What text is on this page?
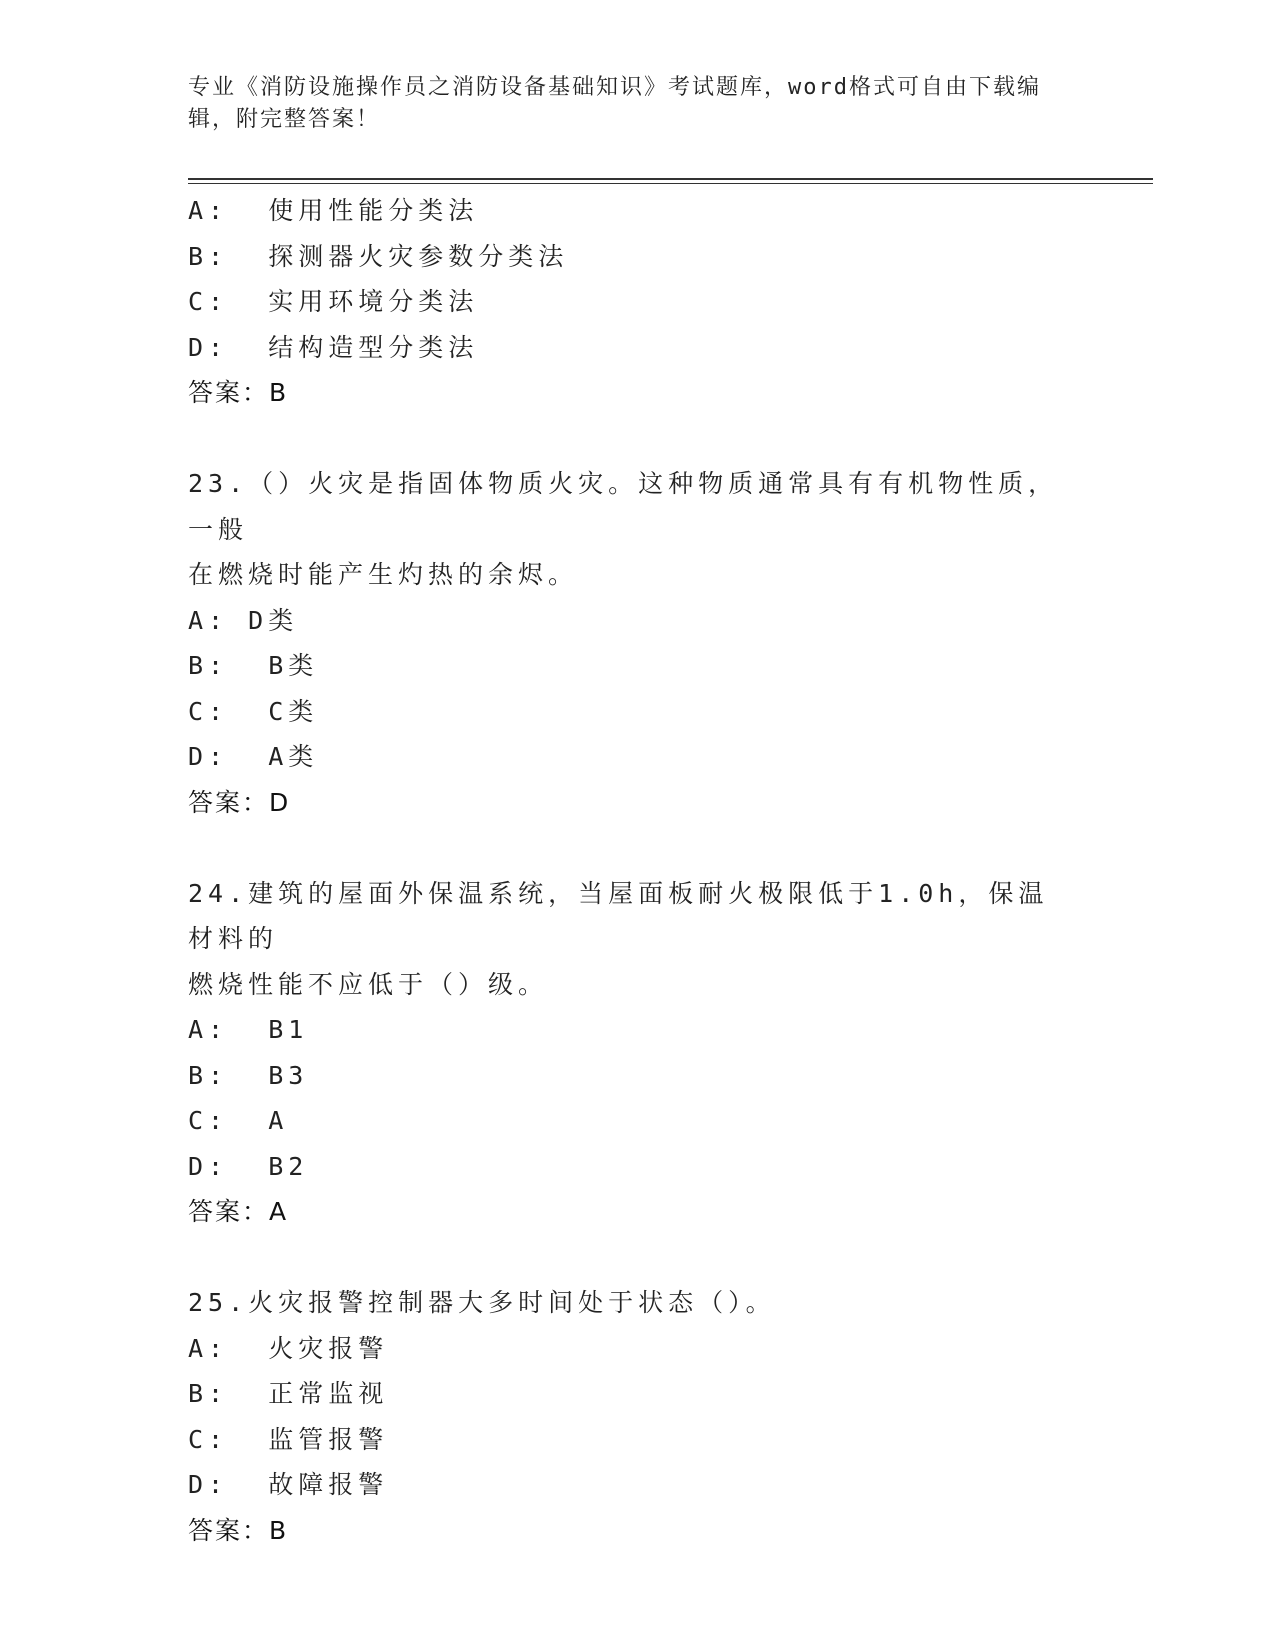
专业《消防设施操作员之消防设备基础知识》考试题库，word格式可自由下载编
辑，附完整答案！
A:  使用性能分类法
B:  探测器火灾参数分类法
C:  实用环境分类法
D:  结构造型分类法
答案：B
23.（）火灾是指固体物质火灾。这种物质通常具有有机物性质，一般
在燃烧时能产生灼热的余烬。
A: D类
B:  B类
C:  C类
D:  A类
答案：D
24.建筑的屋面外保温系统，当屋面板耐火极限低于1.0h，保温材料的
燃烧性能不应低于（）级。
A:  B1
B:  B3
C:  A
D:  B2
答案：A
25.火灾报警控制器大多时间处于状态（）。
A:  火灾报警
B:  正常监视
C:  监管报警
D:  故障报警
答案：B
